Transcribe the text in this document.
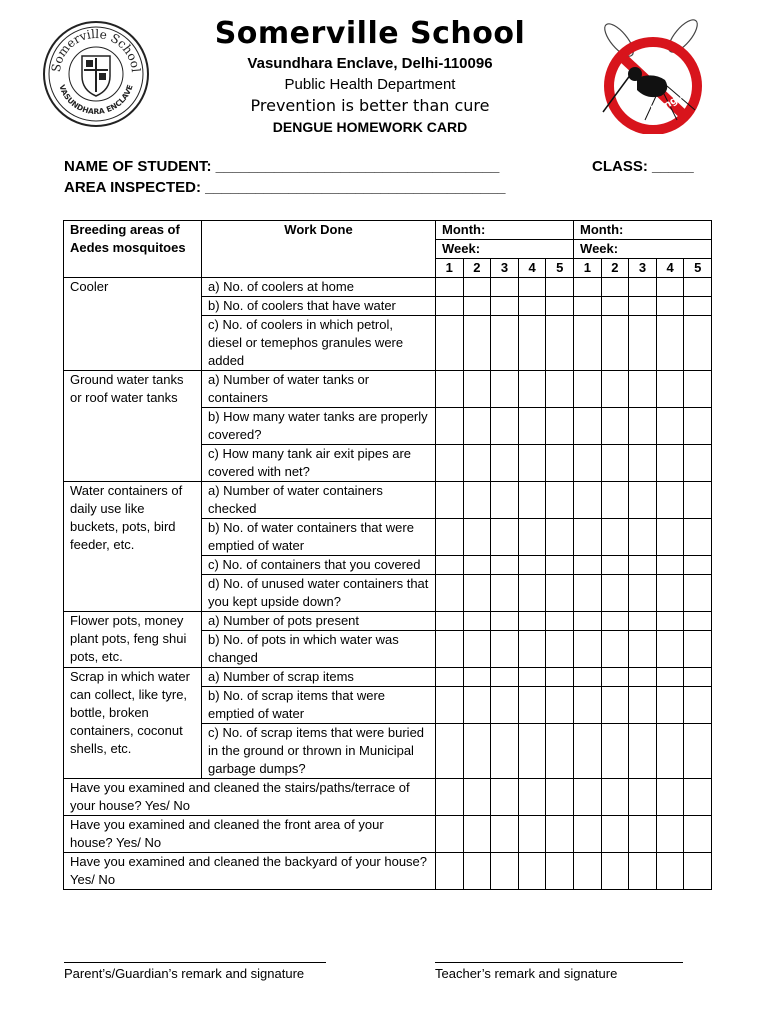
Somerville School
VASUNDHARA ENCLAVE
Stop Dengue
Somerville School
Vasundhara Enclave, Delhi-110096
Public Health Department
Prevention is better than cure
DENGUE HOMEWORK CARD
NAME OF STUDENT: __________________________________	CLASS: _____
AREA INSPECTED: ____________________________________
Breeding areas of Aedes mosquitoes	Work Done	Month:					Month:				
		Week:					Week:				
		1	2	3	4	5	1	2	3	4	5
Cooler	a) No. of coolers at home										
	b) No. of coolers that have water										
	c) No. of coolers in which petrol, diesel or temephos granules were added										
Ground water tanks or roof water tanks	a) Number of water tanks or containers										
	b) How many water tanks are properly covered?										
	c) How many tank air exit pipes are covered with net?										
Water containers of daily use like buckets, pots, bird feeder, etc.	a) Number of water containers checked										
	b) No. of water containers that were emptied of water										
	c) No. of containers that you covered										
	d) No. of unused water containers that you kept upside down?										
Flower pots, money plant pots, feng shui pots, etc.	a) Number of pots present										
	b) No. of pots in which water was changed										
Scrap in which water can collect, like tyre, bottle, broken containers, coconut shells, etc.	a) Number of scrap items										
	b) No. of scrap items that were emptied of water										
	c) No. of scrap items that were buried in the ground or thrown in Municipal garbage dumps?										
Have you examined and cleaned the stairs/paths/terrace of your house? Yes/ No											
Have you examined and cleaned the front area of your house? Yes/ No											
Have you examined and cleaned the backyard of your house? Yes/ No											
Parent’s/Guardian’s remark and signature	Teacher’s remark and signature
